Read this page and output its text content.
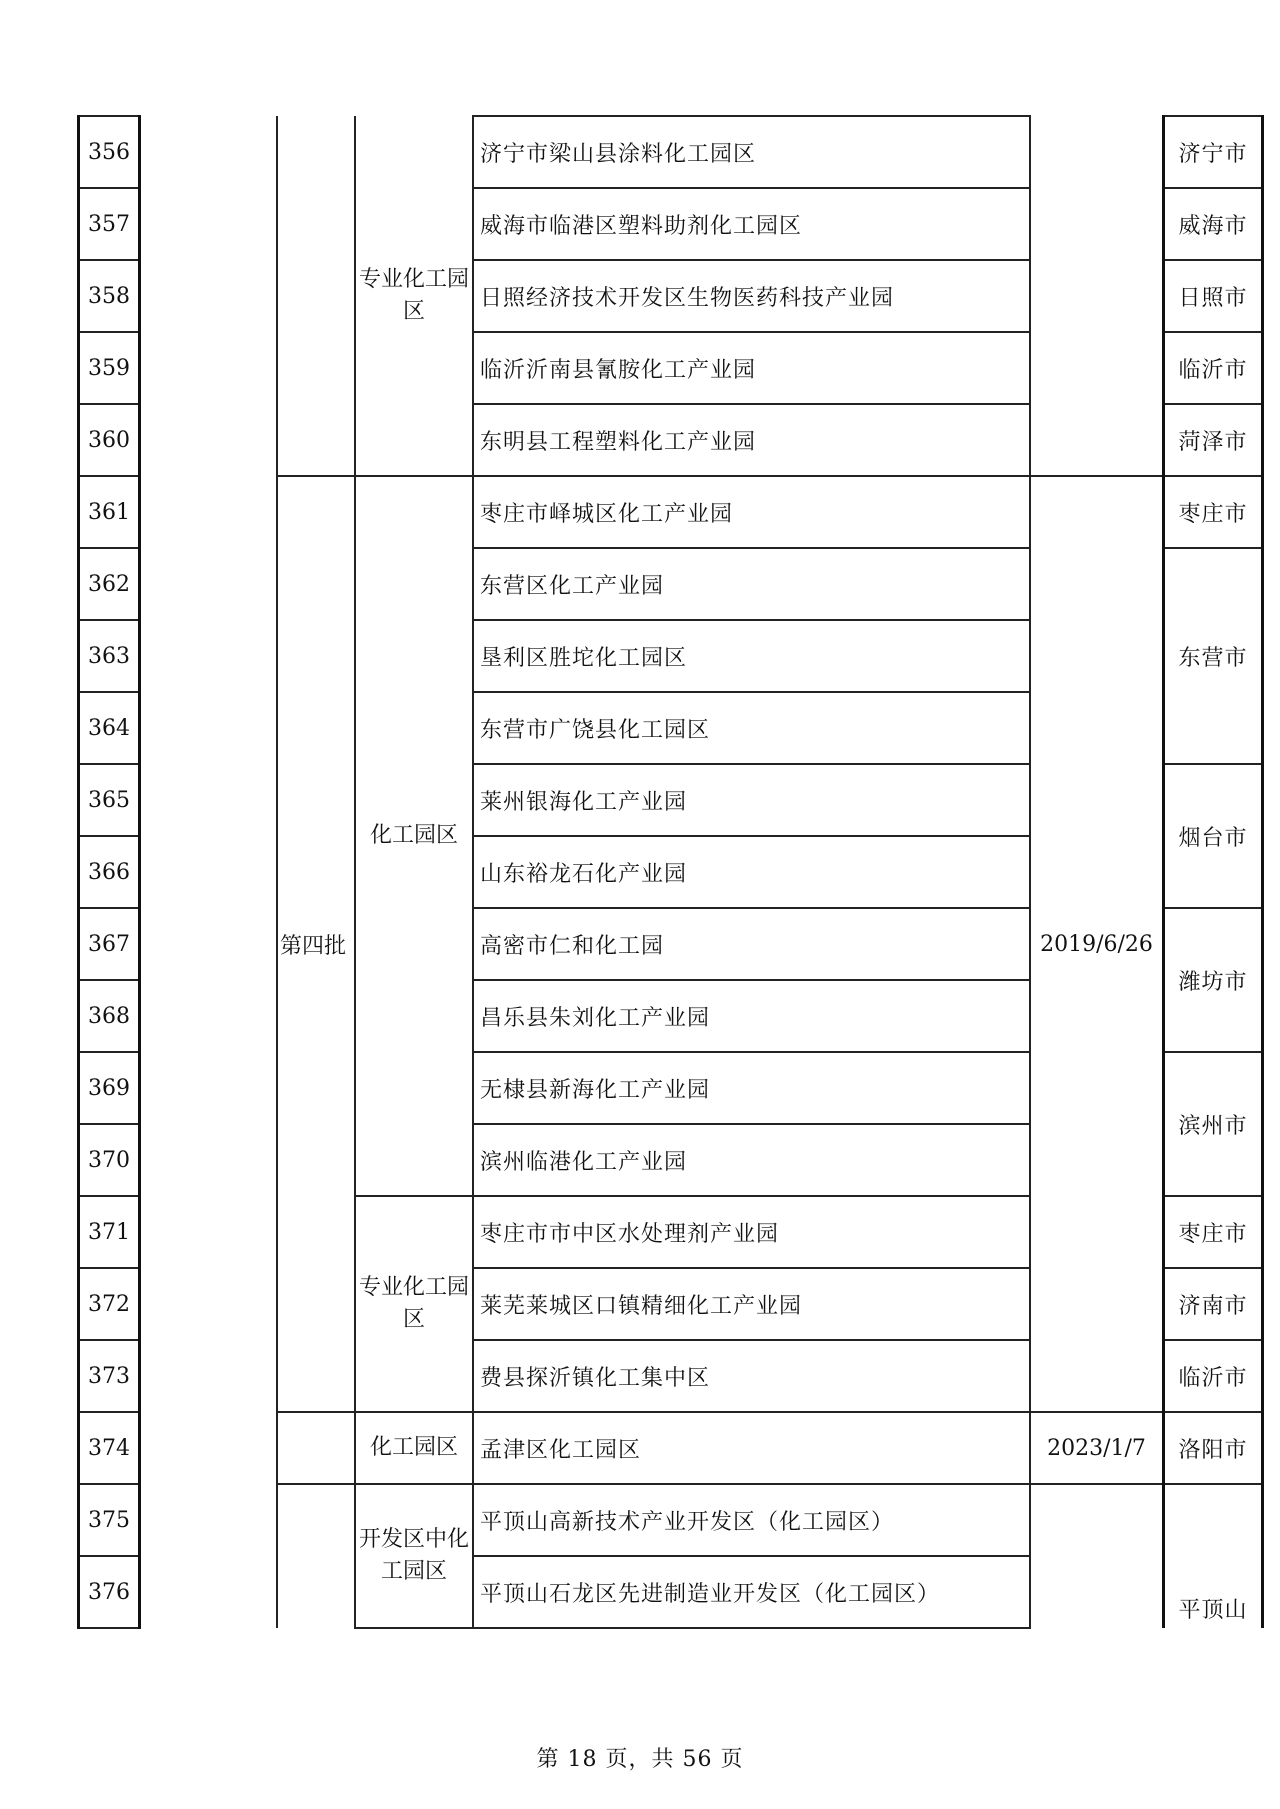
356			专业化工园区	济宁市梁山县涂料化工园区		济宁市
357				威海市临港区塑料助剂化工园区		威海市
358				日照经济技术开发区生物医药科技产业园		日照市
359				临沂沂南县氰胺化工产业园		临沂市
360				东明县工程塑料化工产业园		菏泽市
361		第四批	化工园区	枣庄市峄城区化工产业园	2019/6/26	枣庄市
362				东营区化工产业园		东营市
363				垦利区胜坨化工园区		
364				东营市广饶县化工园区		
365				莱州银海化工产业园		烟台市
366				山东裕龙石化产业园		
367				高密市仁和化工园		潍坊市
368				昌乐县朱刘化工产业园		
369				无棣县新海化工产业园		滨州市
370				滨州临港化工产业园		
371			专业化工园区	枣庄市市中区水处理剂产业园		枣庄市
372				莱芜莱城区口镇精细化工产业园		济南市
373				费县探沂镇化工集中区		临沂市
374			化工园区	孟津区化工园区	2023/1/7	洛阳市
375			开发区中化工园区	平顶山高新技术产业开发区（化工园区）		平顶山
376				平顶山石龙区先进制造业开发区（化工园区）		
第 18 页，共 56 页
